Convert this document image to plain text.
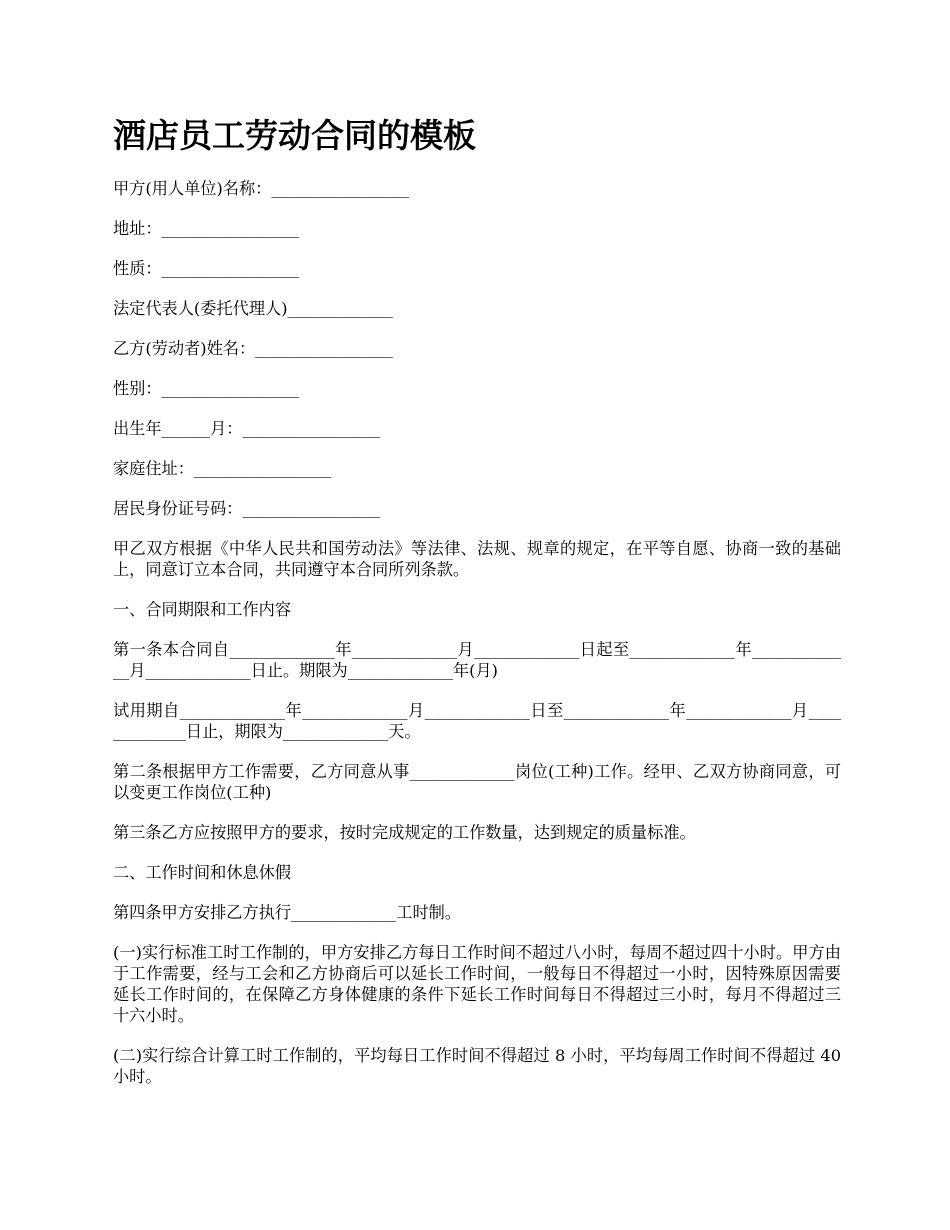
酒店员工劳动合同的模板

甲方(用人单位)名称：_________________

地址：_________________

性质：_________________

法定代表人(委托代理人)_____________

乙方(劳动者)姓名：_________________

性别：_________________

出生年______月：_________________

家庭住址：_________________

居民身份证号码：_________________

甲乙双方根据《中华人民共和国劳动法》等法律、法规、规章的规定，在平等自愿、协商一致的基础上，同意订立本合同，共同遵守本合同所列条款。

一、合同期限和工作内容

第一条本合同自_____________年_____________月_____________日起至_____________年_____________月_____________日止。期限为_____________年(月)

试用期自_____________年_____________月_____________日至_____________年_____________月_____________日止，期限为_____________天。

第二条根据甲方工作需要，乙方同意从事_____________岗位(工种)工作。经甲、乙双方协商同意，可以变更工作岗位(工种)

第三条乙方应按照甲方的要求，按时完成规定的工作数量，达到规定的质量标准。

二、工作时间和休息休假

第四条甲方安排乙方执行_____________工时制。

(一)实行标准工时工作制的，甲方安排乙方每日工作时间不超过八小时，每周不超过四十小时。甲方由于工作需要，经与工会和乙方协商后可以延长工作时间，一般每日不得超过一小时，因特殊原因需要延长工作时间的，在保障乙方身体健康的条件下延长工作时间每日不得超过三小时，每月不得超过三十六小时。

(二)实行综合计算工时工作制的，平均每日工作时间不得超过 8 小时，平均每周工作时间不得超过 40 小时。
